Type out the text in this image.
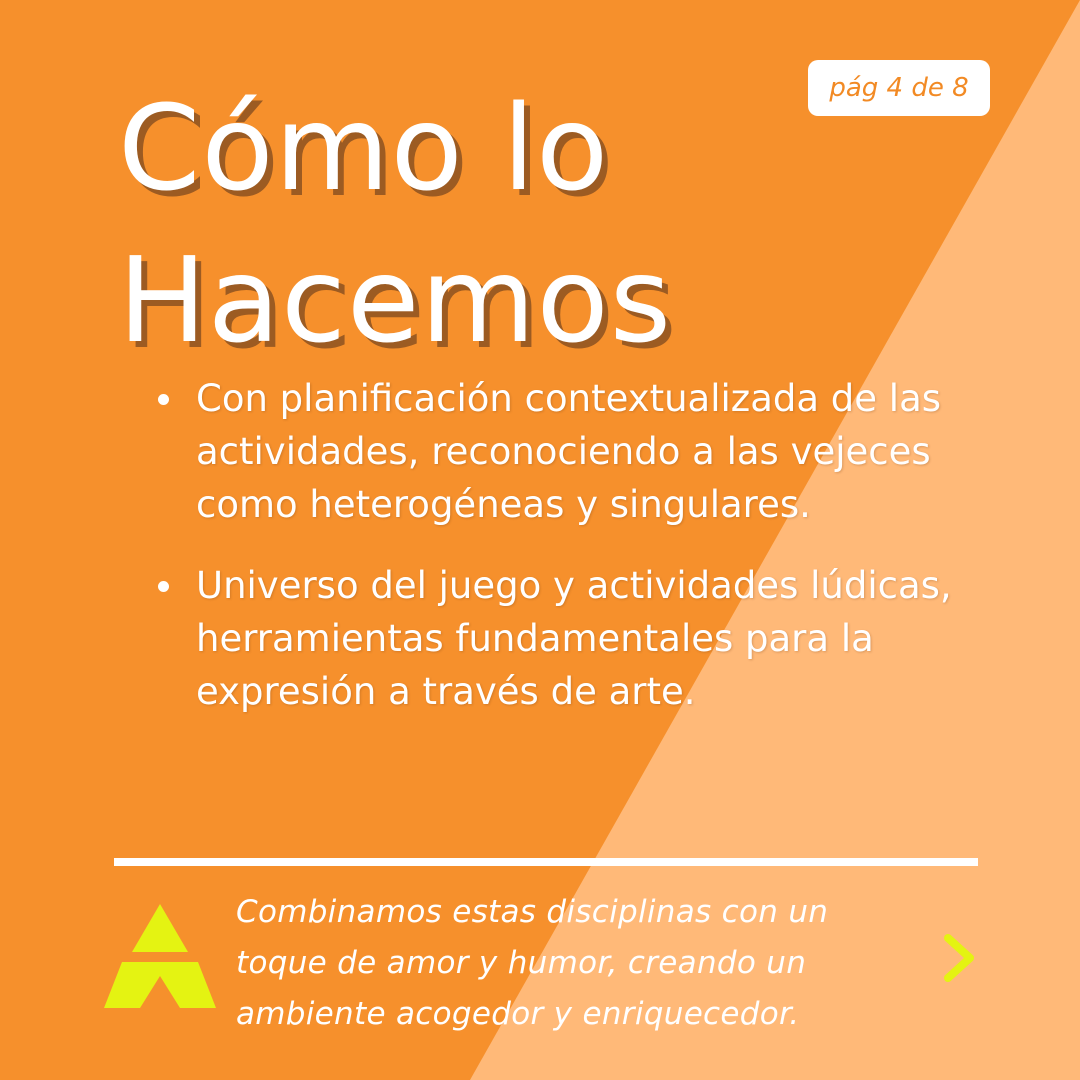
pág 4 de 8
Cómo lo
Hacemos
Con planificación contextualizada de las actividades, reconociendo a las vejeces como heterogéneas y singulares.
Universo del juego y actividades lúdicas, herramientas fundamentales para la expresión a través de arte.

Combinamos estas disciplinas con un
toque de amor y humor, creando un
ambiente acogedor y enriquecedor.
